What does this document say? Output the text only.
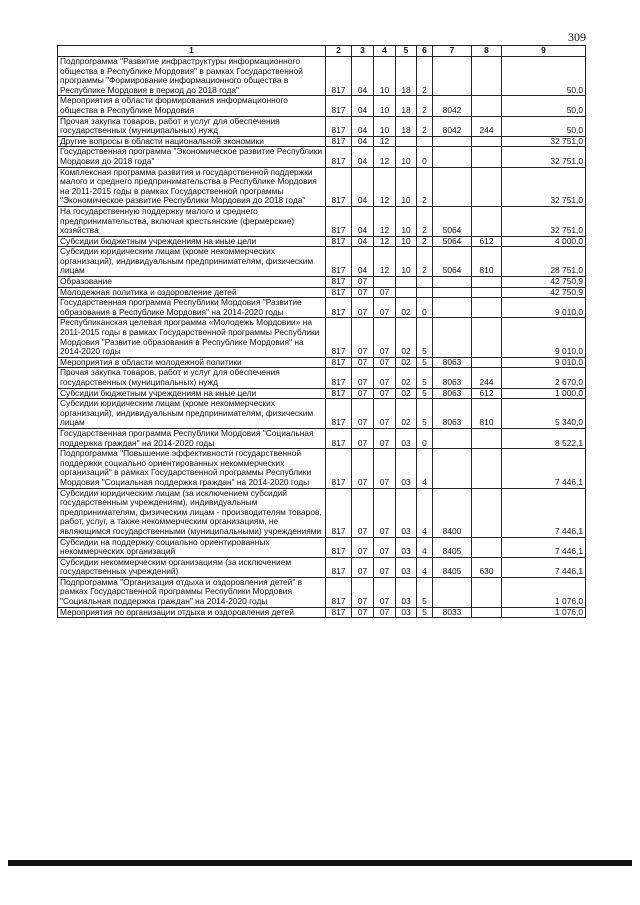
309
1	2	3	4	5	6	7	8	9
Подпрограмма "Развитие инфраструктуры информационного общества в Республике Мордовия" в рамках Государственной программы "Формирование информационного общества в Республике Мордовия в период до 2018 года"	817	04	10	18	2			50,0
Мероприятия в области формирования информационного общества в Республике Мордовия	817	04	10	18	2	8042		50,0
Прочая закупка товаров, работ и услуг для обеспечения государственных (муниципальных) нужд	817	04	10	18	2	8042	244	50,0
Другие вопросы в области национальной экономики	817	04	12					32 751,0
Государственная программа "Экономическое развитие Республики Мордовия до 2018 года"	817	04	12	10	0			32 751,0
Комплексная программа развития и государственной поддержки малого и среднего предпринимательства в Республике Мордовия на 2011-2015 годы в рамках Государственной программы "Экономическое развитие Республики Мордовия до 2018 года"	817	04	12	10	2			32 751,0
На государственную поддержку малого и среднего предпринимательства, включая крестьянские (фермерские) хозяйства	817	04	12	10	2	5064		32 751,0
Субсидии бюджетным учреждениям на иные цели	817	04	12	10	2	5064	612	4 000,0
Субсидии юридическим лицам (кроме некоммерческих организаций), индивидуальным предпринимателям, физическим лицам	817	04	12	10	2	5064	810	28 751,0
Образование	817	07						42 750,9
Молодежная политика и оздоровление детей	817	07	07					42 750,9
Государственная программа Республики Мордовия "Развитие образования в Республике Мордовия" на 2014-2020 годы	817	07	07	02	0			9 010,0
Республиканская целевая программа «Молодежь Мордовии» на 2011-2015 годы в рамках Государственной программы Республики Мордовия "Развитие образования в Республике Мордовия" на 2014-2020 годы	817	07	07	02	5			9 010,0
Мероприятия в области молодежной политики	817	07	07	02	5	8063		9 010,0
Прочая закупка товаров, работ и услуг для обеспечения государственных (муниципальных) нужд	817	07	07	02	5	8063	244	2 670,0
Субсидии бюджетным учреждениям на иные цели	817	07	07	02	5	8063	612	1 000,0
Субсидии юридическим лицам (кроме некоммерческих организаций), индивидуальным предпринимателям, физическим лицам	817	07	07	02	5	8063	810	5 340,0
Государственная программа Республики Мордовия "Социальная поддержка граждан" на 2014-2020 годы	817	07	07	03	0			8 522,1
Подпрограмма "Повышение эффективности государственной поддержки социально ориентированных некоммерческих организаций" в рамках Государственной программы Республики Мордовия "Социальная поддержка граждан" на 2014-2020 годы	817	07	07	03	4			7 446,1
Субсидии юридическим лицам (за исключением субсидий государственным учреждениям), индивидуальным предпринимателям, физическим лицам - производителям товаров, работ, услуг, а также некоммерческим организациям, не являющимся государственными (муниципальными) учреждениями	817	07	07	03	4	8400		7 446,1
Субсидии на поддержку социально ориентированных некоммерческих организаций	817	07	07	03	4	8405		7 446,1
Субсидии некоммерческим организациям (за исключением государственных учреждений)	817	07	07	03	4	8405	630	7 446,1
Подпрограмма "Организация отдыха и оздоровления детей" в рамках Государственной программы Республики Мордовия "Социальная поддержка граждан" на 2014-2020 годы	817	07	07	03	5			1 076,0
Мероприятия по организации отдыха и оздоровления детей	817	07	07	03	5	8033		1 076,0
